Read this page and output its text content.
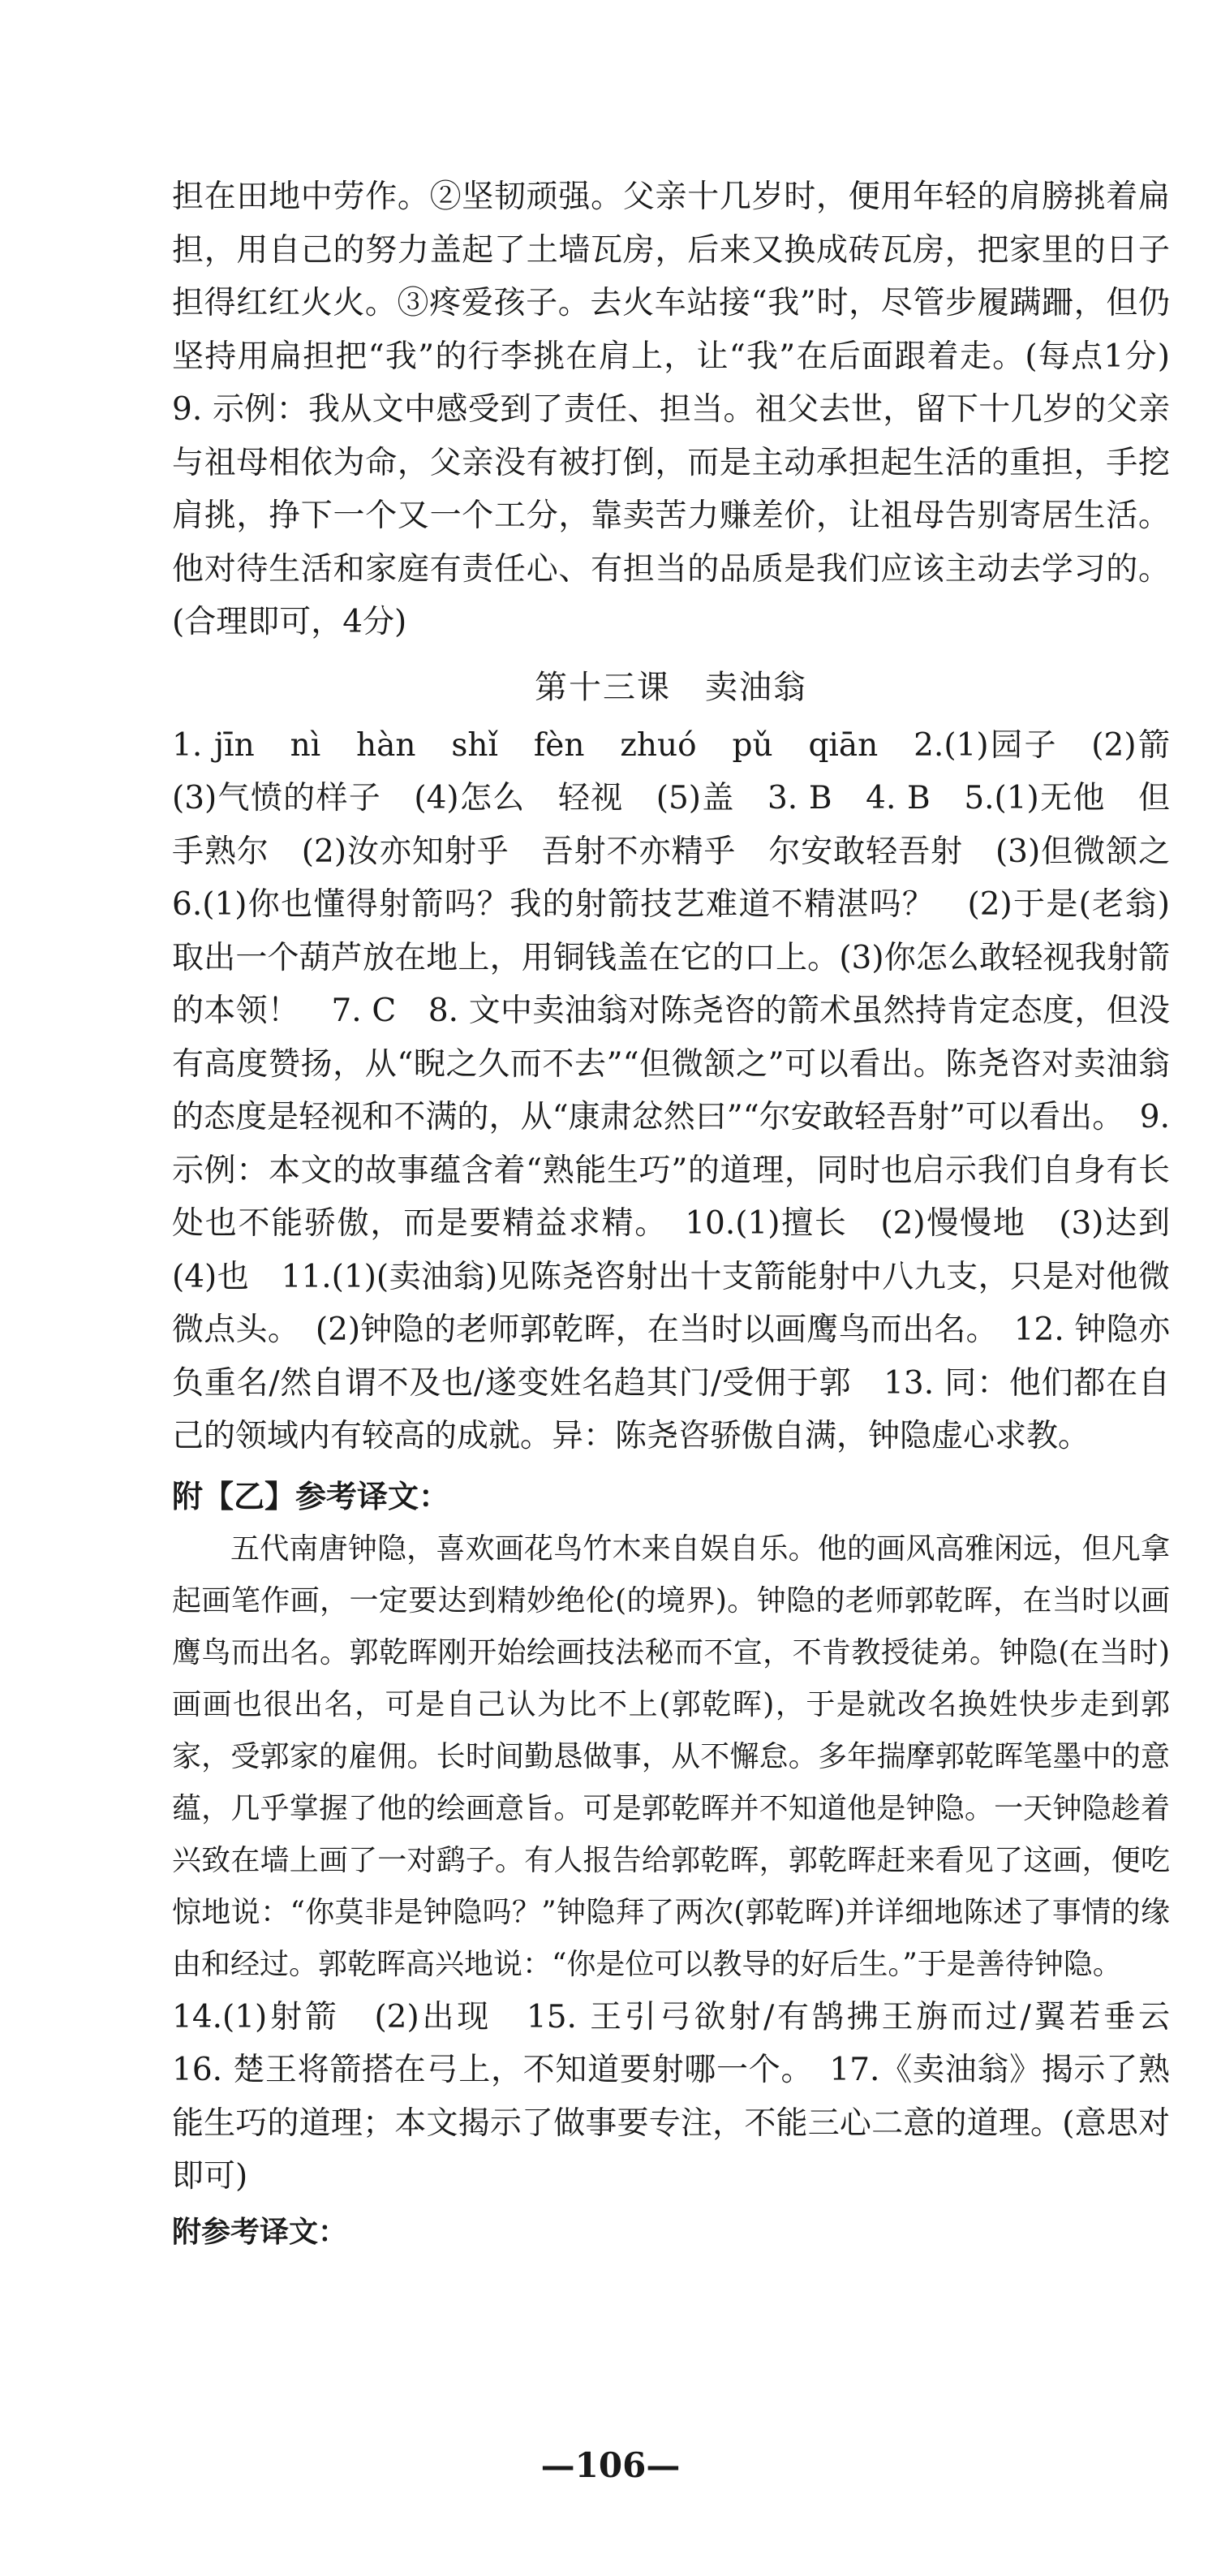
担在田地中劳作。②坚韧顽强。父亲十几岁时，便用年轻的肩膀挑着扁担，用自己的努力盖起了土墙瓦房，后来又换成砖瓦房，把家里的日子担得红红火火。③疼爱孩子。去火车站接“我”时，尽管步履蹒跚，但仍坚持用扁担把“我”的行李挑在肩上，让“我”在后面跟着走。(每点1分)　9. 示例：我从文中感受到了责任、担当。祖父去世，留下十几岁的父亲与祖母相依为命，父亲没有被打倒，而是主动承担起生活的重担，手挖肩挑，挣下一个又一个工分，靠卖苦力赚差价，让祖母告别寄居生活。他对待生活和家庭有责任心、有担当的品质是我们应该主动去学习的。(合理即可，4分)

第十三课　卖油翁

1. jīn　nì　hàn　shǐ　fèn　zhuó　pǔ　qiān　2.(1)园子　(2)箭　(3)气愤的样子　(4)怎么　轻视　(5)盖　3. B　4. B　5.(1)无他　但手熟尔　(2)汝亦知射乎　吾射不亦精乎　尔安敢轻吾射　(3)但微颔之　6.(1)你也懂得射箭吗？我的射箭技艺难道不精湛吗？　(2)于是(老翁)取出一个葫芦放在地上，用铜钱盖在它的口上。(3)你怎么敢轻视我射箭的本领！　7. C　8. 文中卖油翁对陈尧咨的箭术虽然持肯定态度，但没有高度赞扬，从“睨之久而不去”“但微颔之”可以看出。陈尧咨对卖油翁的态度是轻视和不满的，从“康肃忿然曰”“尔安敢轻吾射”可以看出。　9. 示例：本文的故事蕴含着“熟能生巧”的道理，同时也启示我们自身有长处也不能骄傲，而是要精益求精。　10.(1)擅长　(2)慢慢地　(3)达到　(4)也　11.(1)(卖油翁)见陈尧咨射出十支箭能射中八九支，只是对他微微点头。　(2)钟隐的老师郭乾晖，在当时以画鹰鸟而出名。　12. 钟隐亦负重名/然自谓不及也/遂变姓名趋其门/受佣于郭　13. 同：他们都在自己的领域内有较高的成就。异：陈尧咨骄傲自满，钟隐虚心求教。

附【乙】参考译文：

五代南唐钟隐，喜欢画花鸟竹木来自娱自乐。他的画风高雅闲远，但凡拿起画笔作画，一定要达到精妙绝伦(的境界)。钟隐的老师郭乾晖，在当时以画鹰鸟而出名。郭乾晖刚开始绘画技法秘而不宣，不肯教授徒弟。钟隐(在当时)画画也很出名，可是自己认为比不上(郭乾晖)，于是就改名换姓快步走到郭家，受郭家的雇佣。长时间勤恳做事，从不懈怠。多年揣摩郭乾晖笔墨中的意蕴，几乎掌握了他的绘画意旨。可是郭乾晖并不知道他是钟隐。一天钟隐趁着兴致在墙上画了一对鹞子。有人报告给郭乾晖，郭乾晖赶来看见了这画，便吃惊地说：“你莫非是钟隐吗？”钟隐拜了两次(郭乾晖)并详细地陈述了事情的缘由和经过。郭乾晖高兴地说：“你是位可以教导的好后生。”于是善待钟隐。

14.(1)射箭　(2)出现　15. 王引弓欲射/有鹄拂王旃而过/翼若垂云　16. 楚王将箭搭在弓上，不知道要射哪一个。　17.《卖油翁》揭示了熟能生巧的道理；本文揭示了做事要专注，不能三心二意的道理。(意思对即可)

附参考译文：
—106—
